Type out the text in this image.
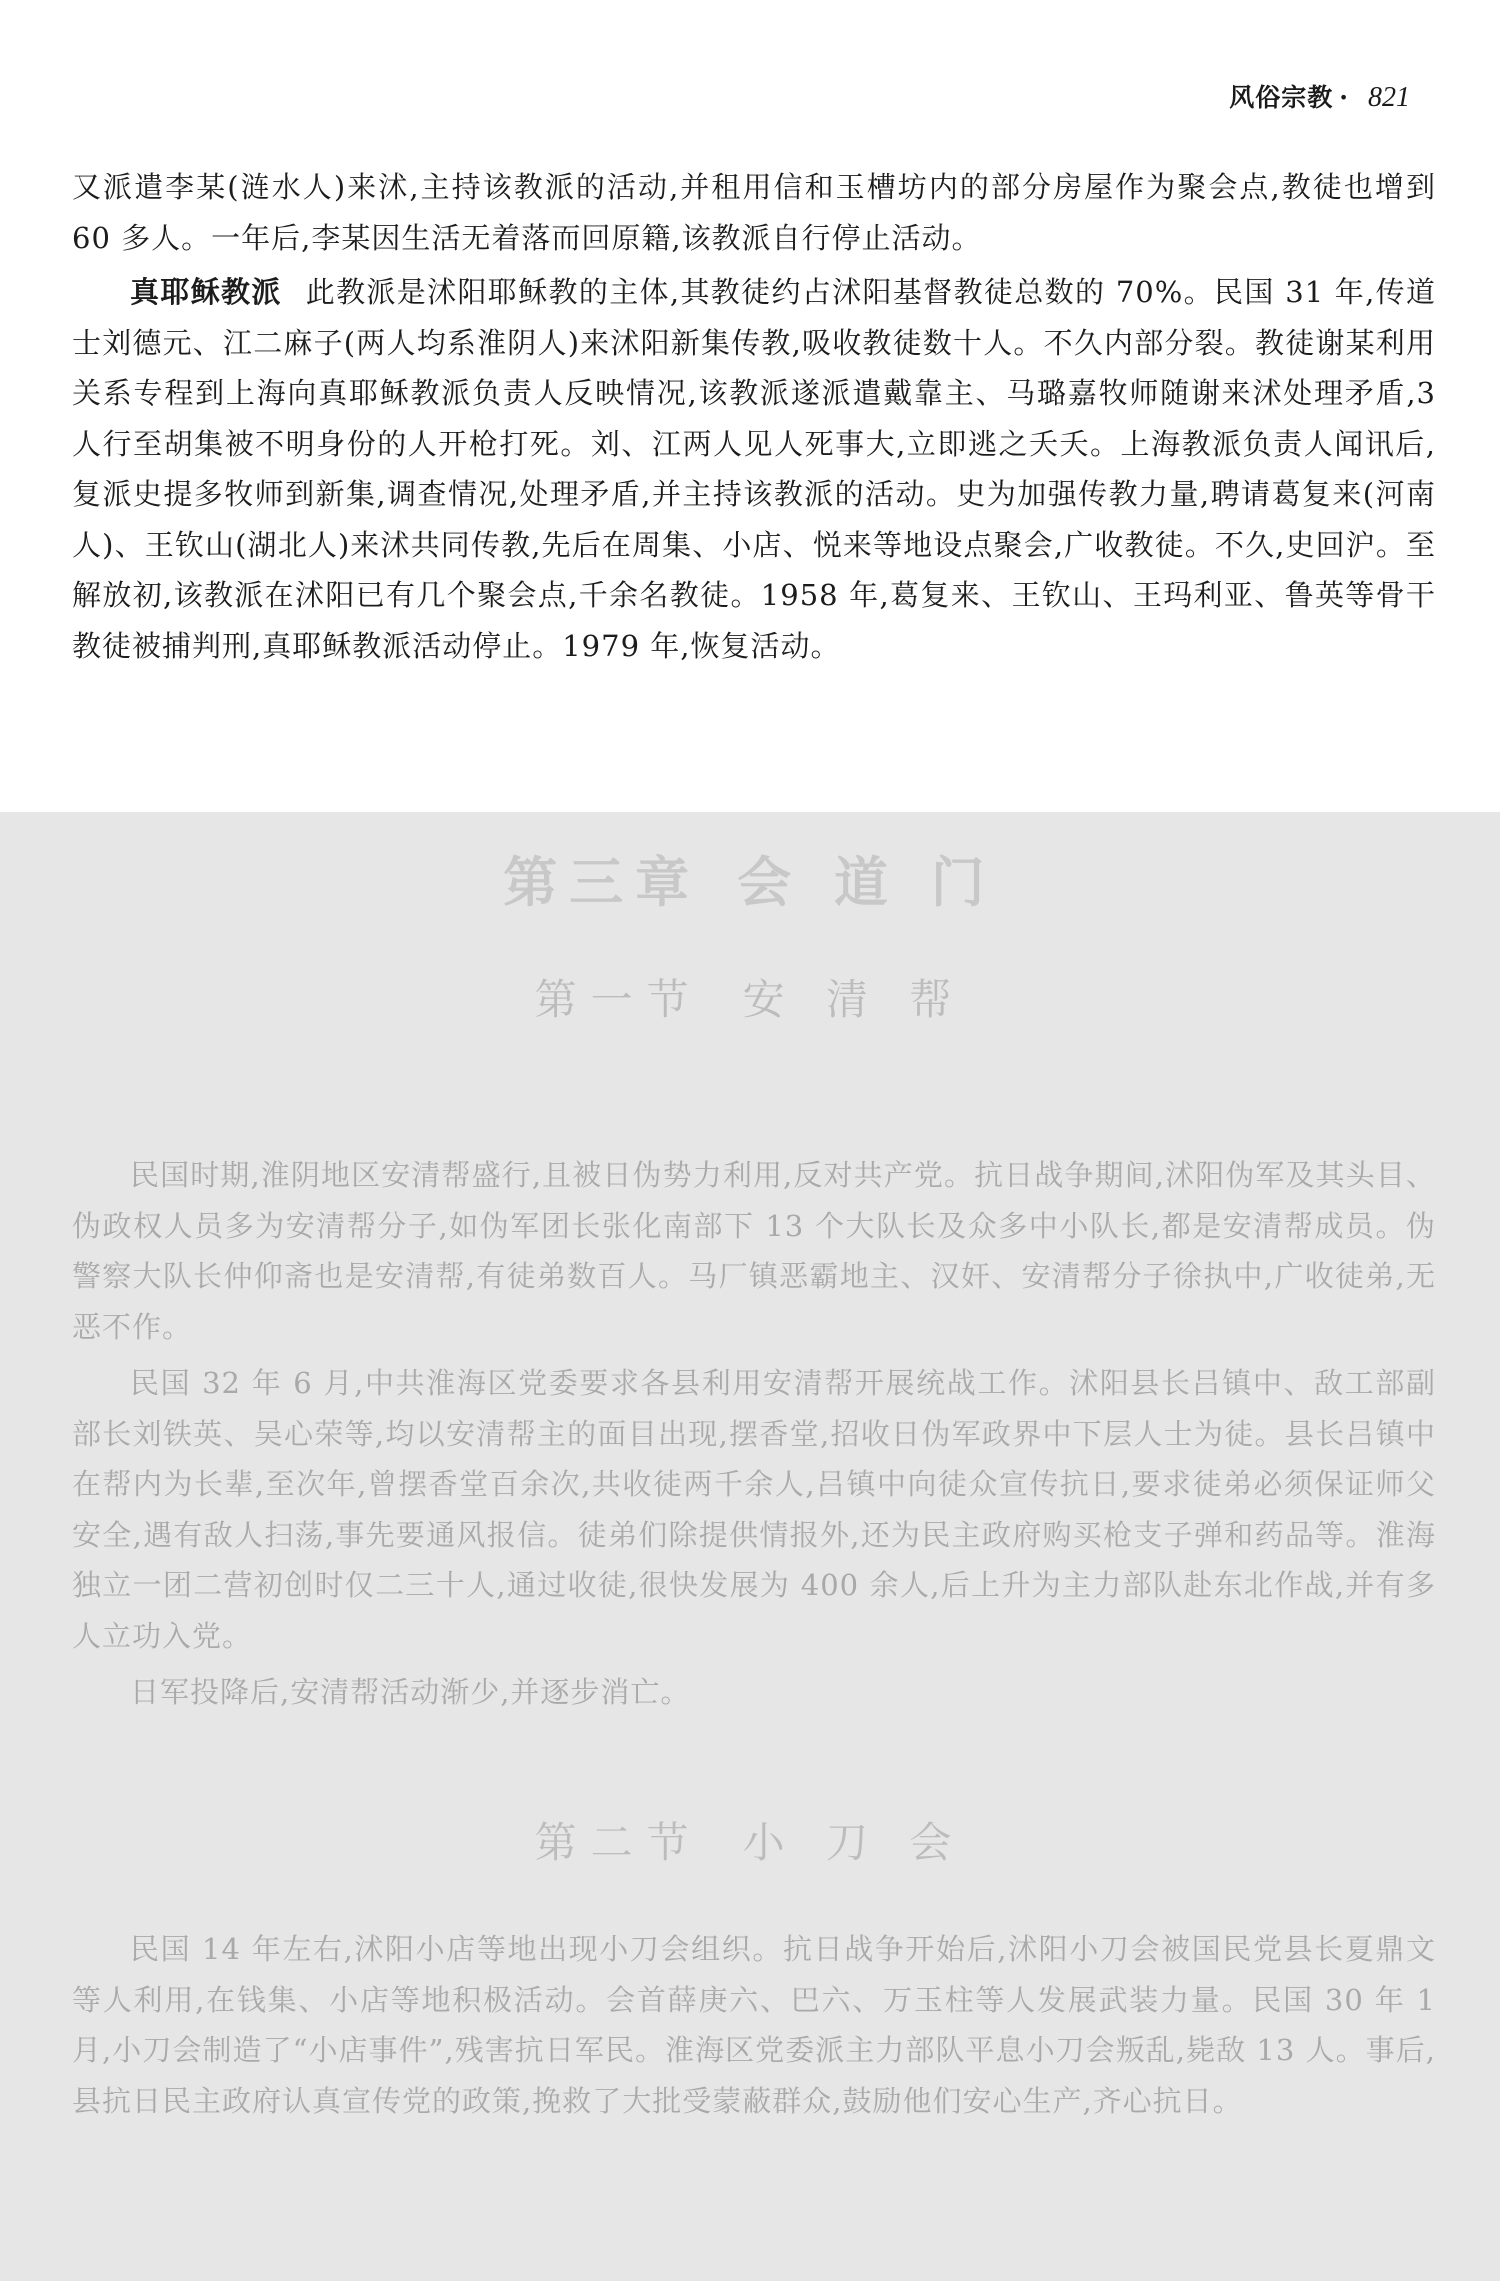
风俗宗教 · 821

又派遣李某(涟水人)来沭,主持该教派的活动,并租用信和玉槽坊内的部分房屋作为聚会点,教徒也增到 60 多人。一年后,李某因生活无着落而回原籍,该教派自行停止活动。

真耶稣教派 此教派是沭阳耶稣教的主体,其教徒约占沭阳基督教徒总数的 70%。民国 31 年,传道士刘德元、江二麻子(两人均系淮阴人)来沭阳新集传教,吸收教徒数十人。不久内部分裂。教徒谢某利用关系专程到上海向真耶稣教派负责人反映情况,该教派遂派遣戴靠主、马璐嘉牧师随谢来沭处理矛盾,3 人行至胡集被不明身份的人开枪打死。刘、江两人见人死事大,立即逃之夭夭。上海教派负责人闻讯后,复派史提多牧师到新集,调查情况,处理矛盾,并主持该教派的活动。史为加强传教力量,聘请葛复来(河南人)、王钦山(湖北人)来沭共同传教,先后在周集、小店、悦来等地设点聚会,广收教徒。不久,史回沪。至解放初,该教派在沭阳已有几个聚会点,千余名教徒。1958 年,葛复来、王钦山、王玛利亚、鲁英等骨干教徒被捕判刑,真耶稣教派活动停止。1979 年,恢复活动。

第三章 会 道 门
第一节 安 清 帮

民国时期,淮阴地区安清帮盛行,且被日伪势力利用,反对共产党。抗日战争期间,沭阳伪军及其头目、伪政权人员多为安清帮分子,如伪军团长张化南部下 13 个大队长及众多中小队长,都是安清帮成员。伪警察大队长仲仰斋也是安清帮,有徒弟数百人。马厂镇恶霸地主、汉奸、安清帮分子徐执中,广收徒弟,无恶不作。

民国 32 年 6 月,中共淮海区党委要求各县利用安清帮开展统战工作。沭阳县长吕镇中、敌工部副部长刘铁英、吴心荣等,均以安清帮主的面目出现,摆香堂,招收日伪军政界中下层人士为徒。县长吕镇中在帮内为长辈,至次年,曾摆香堂百余次,共收徒两千余人,吕镇中向徒众宣传抗日,要求徒弟必须保证师父安全,遇有敌人扫荡,事先要通风报信。徒弟们除提供情报外,还为民主政府购买枪支子弹和药品等。淮海独立一团二营初创时仅二三十人,通过收徒,很快发展为 400 余人,后上升为主力部队赴东北作战,并有多人立功入党。

日军投降后,安清帮活动渐少,并逐步消亡。

第二节 小 刀 会

民国 14 年左右,沭阳小店等地出现小刀会组织。抗日战争开始后,沭阳小刀会被国民党县长夏鼎文等人利用,在钱集、小店等地积极活动。会首薛庚六、巴六、万玉柱等人发展武装力量。民国 30 年 1 月,小刀会制造了“小店事件”,残害抗日军民。淮海区党委派主力部队平息小刀会叛乱,毙敌 13 人。事后,县抗日民主政府认真宣传党的政策,挽救了大批受蒙蔽群众,鼓励他们安心生产,齐心抗日。
